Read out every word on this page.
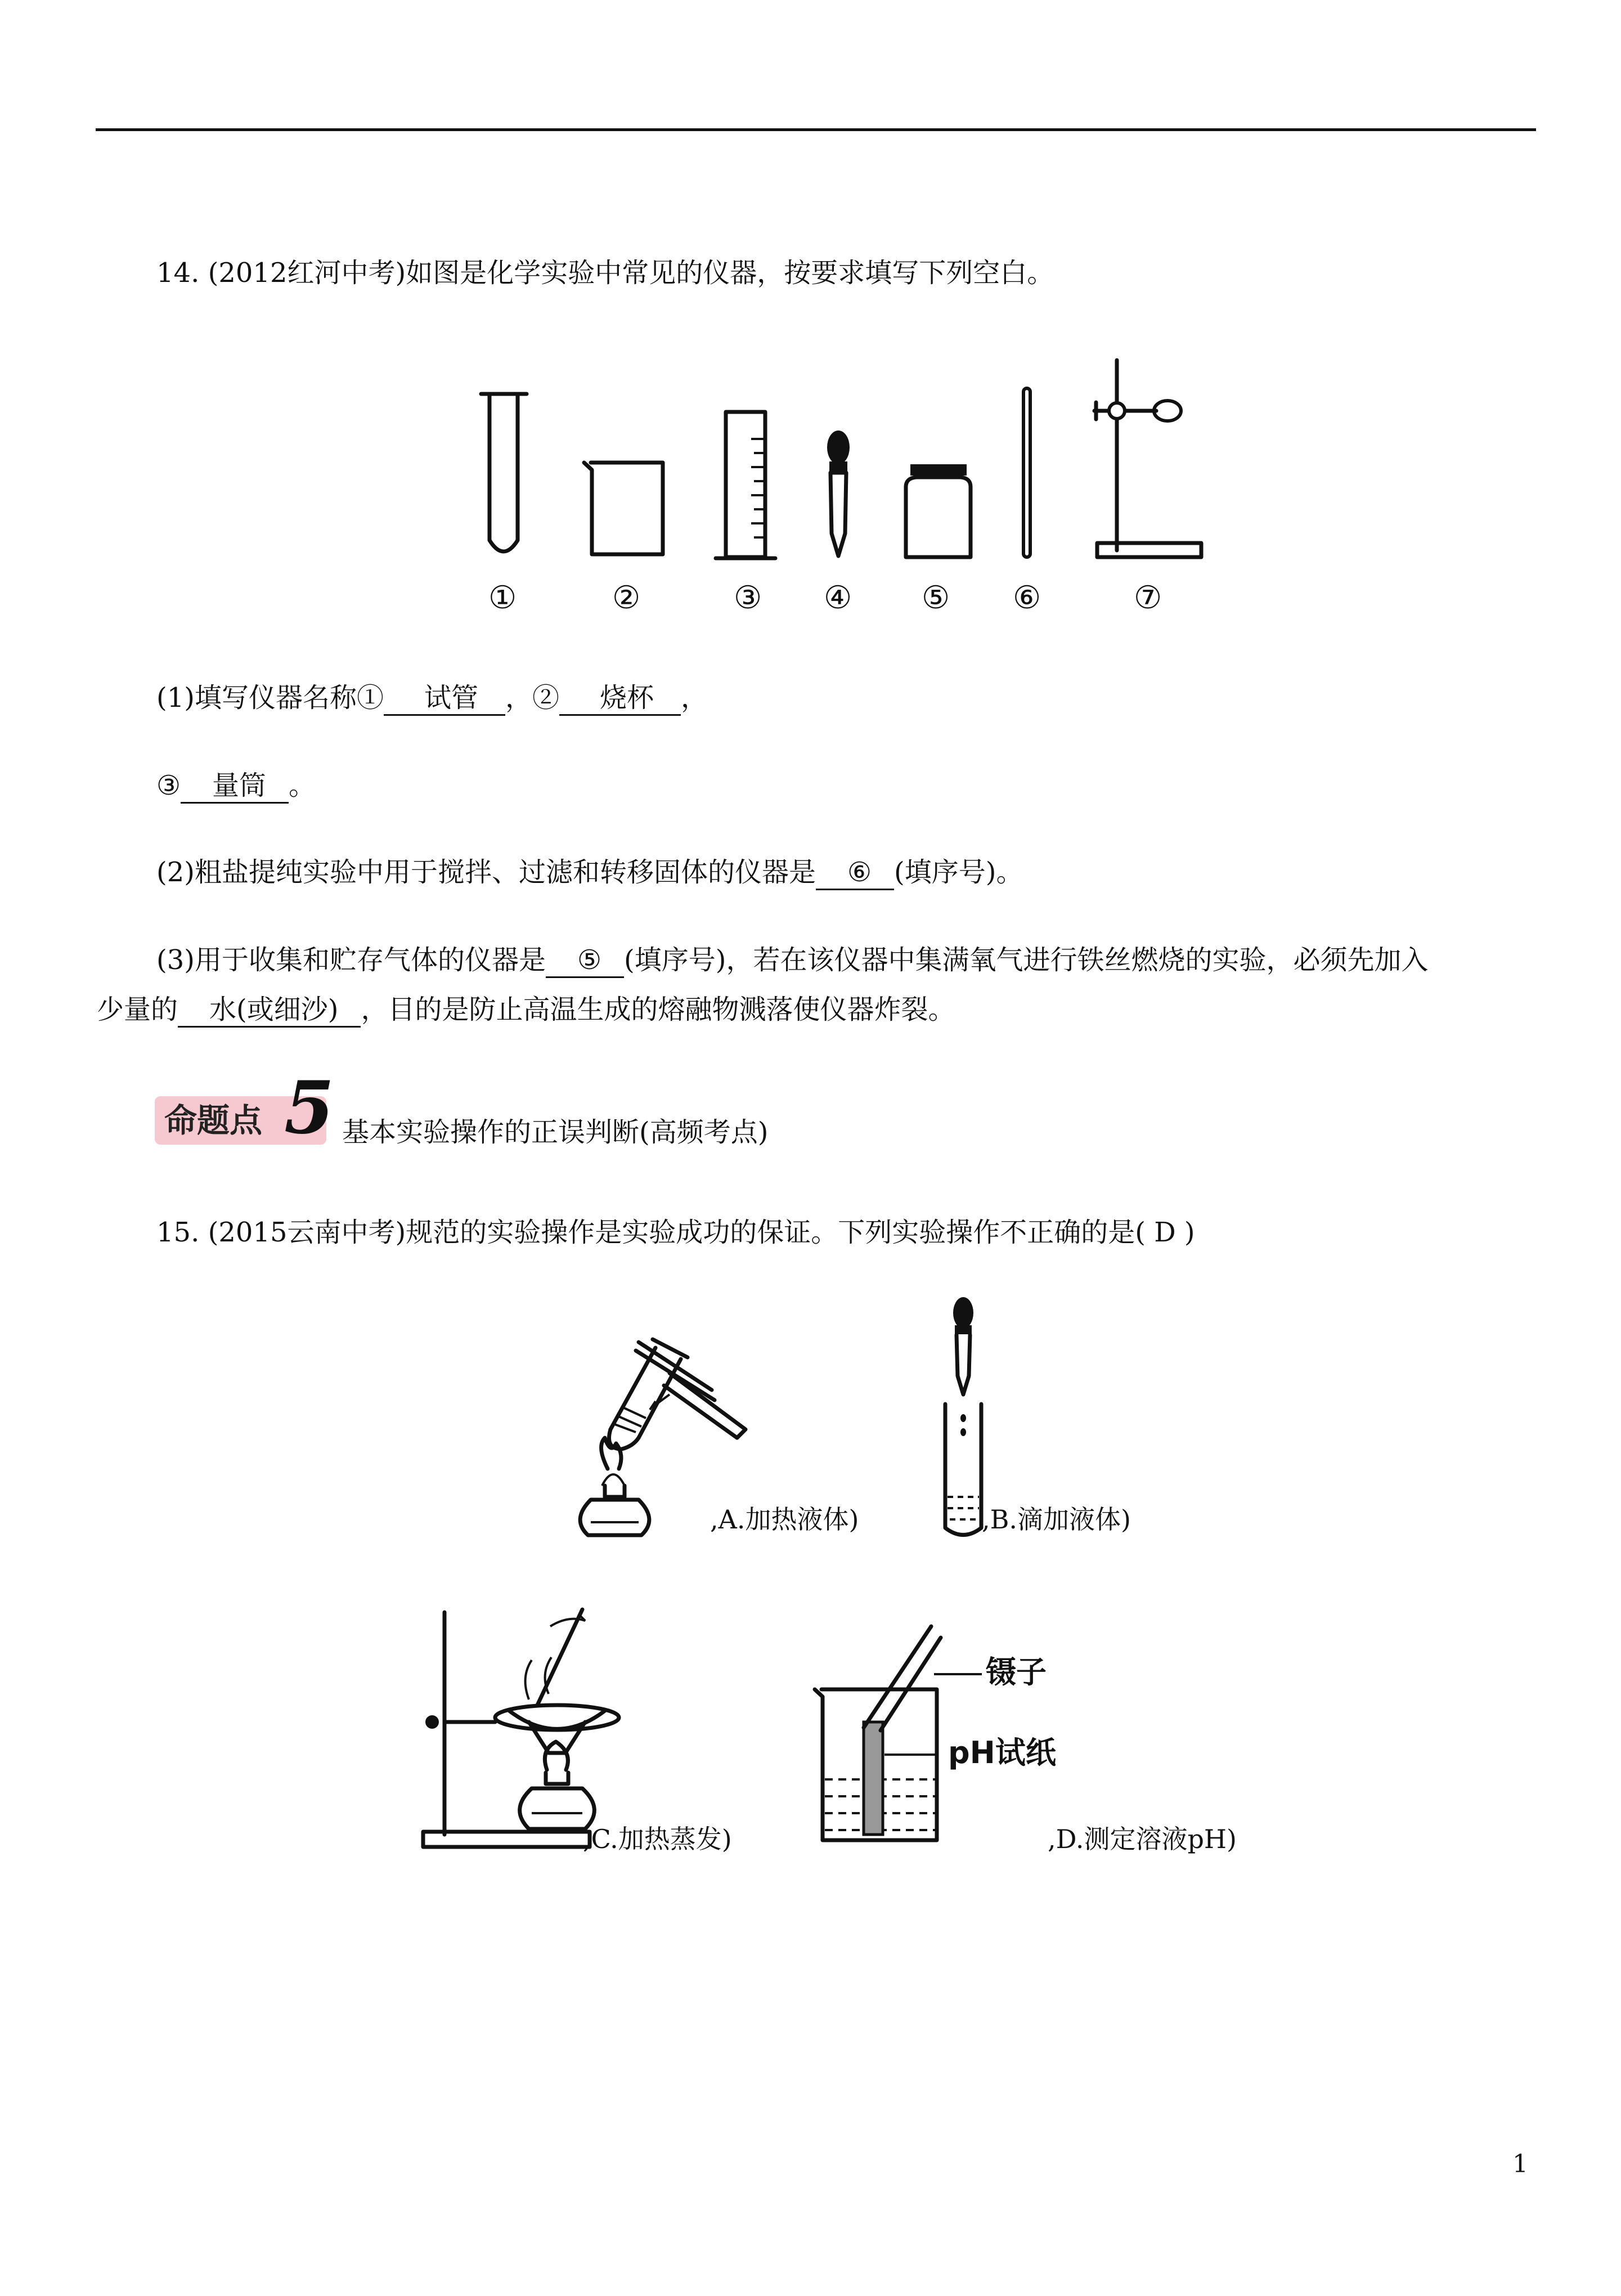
14. (2012红河中考)如图是化学实验中常见的仪器，按要求填写下列空白。
①	②	③ ④ ⑤ ⑥	⑦
(1)填写仪器名称① 试管 ，② 烧杯 ，
③ 量筒 。
(2)粗盐提纯实验中用于搅拌、过滤和转移固体的仪器是 ⑥ (填序号)。
(3)用于收集和贮存气体的仪器是 ⑤ (填序号)，若在该仪器中集满氧气进行铁丝燃烧的实验，必须先加入
少量的 水(或细沙) ，目的是防止高温生成的熔融物溅落使仪器炸裂。
命题点 5 基本实验操作的正误判断(高频考点)
15. (2015云南中考)规范的实验操作是实验成功的保证。下列实验操作不正确的是( D )
,A.加热液体)	,B.滴加液体)
,C.加热蒸发)
镊子
pH试纸
,D.测定溶液pH)
1
